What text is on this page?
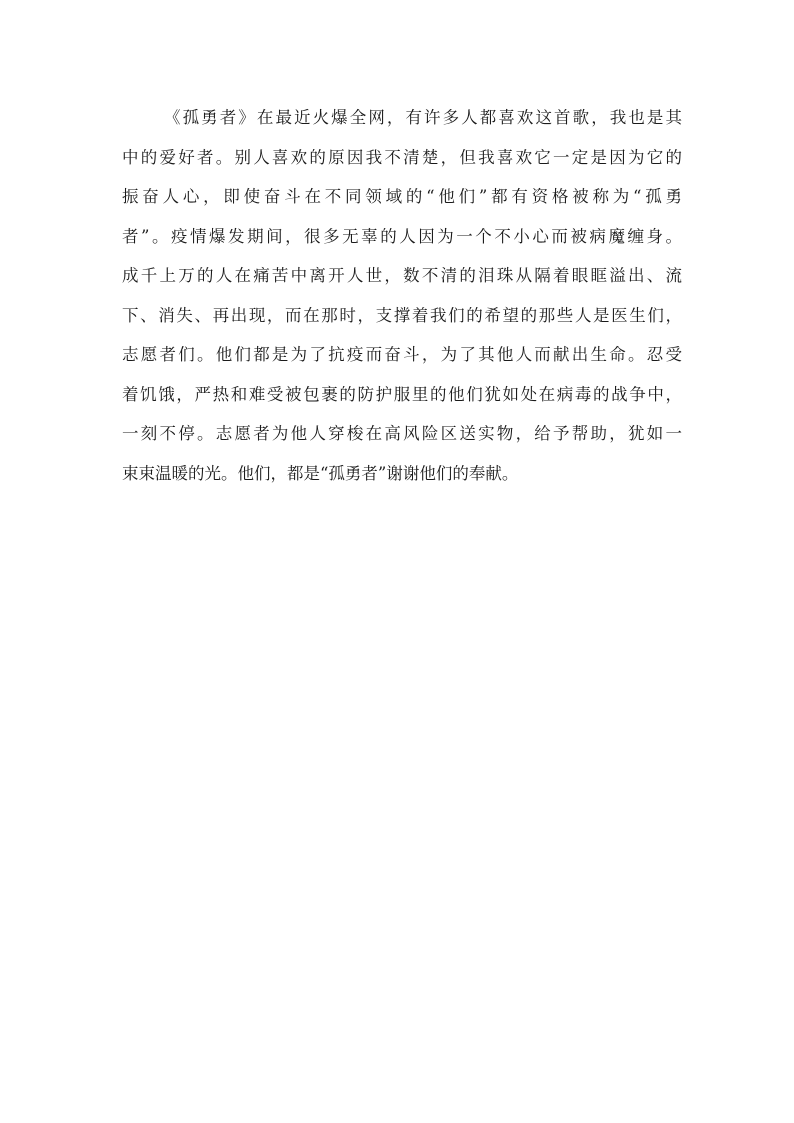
《孤勇者》在最近火爆全网，有许多人都喜欢这首歌，我也是其
中的爱好者。别人喜欢的原因我不清楚，但我喜欢它一定是因为它的
振奋人心，即使奋斗在不同领域的“他们”都有资格被称为“孤勇
者”。疫情爆发期间，很多无辜的人因为一个不小心而被病魔缠身。
成千上万的人在痛苦中离开人世，数不清的泪珠从隔着眼眶溢出、流
下、消失、再出现，而在那时，支撑着我们的希望的那些人是医生们，
志愿者们。他们都是为了抗疫而奋斗，为了其他人而献出生命。忍受
着饥饿，严热和难受被包裹的防护服里的他们犹如处在病毒的战争中，
一刻不停。志愿者为他人穿梭在高风险区送实物，给予帮助，犹如一
束束温暖的光。他们，都是“孤勇者”谢谢他们的奉献。
